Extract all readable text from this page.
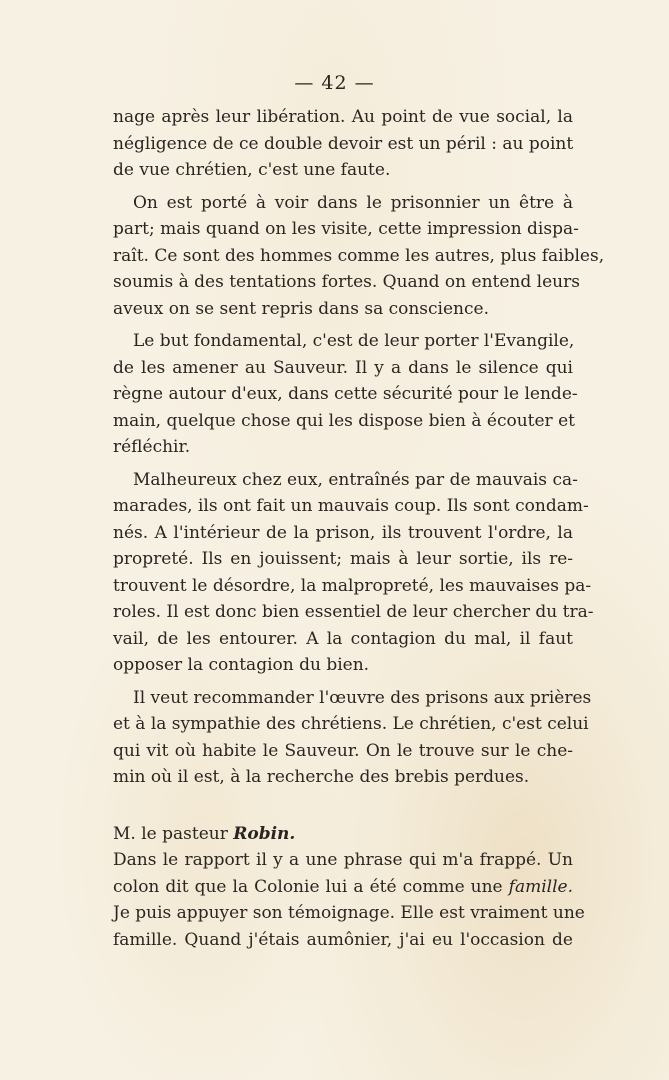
— 42 —
nage après leur libération. Au point de vue social, la
négligence de ce double devoir est un péril : au point
de vue chrétien, c'est une faute.
On est porté à voir dans le prisonnier un être à
part; mais quand on les visite, cette impression dispa-
raît. Ce sont des hommes comme les autres, plus faibles,
soumis à des tentations fortes. Quand on entend leurs
aveux on se sent repris dans sa conscience.
Le but fondamental, c'est de leur porter l'Evangile,
de les amener au Sauveur. Il y a dans le silence qui
règne autour d'eux, dans cette sécurité pour le lende-
main, quelque chose qui les dispose bien à écouter et
réfléchir.
Malheureux chez eux, entraînés par de mauvais ca-
marades, ils ont fait un mauvais coup. Ils sont condam-
nés. A l'intérieur de la prison, ils trouvent l'ordre, la
propreté. Ils en jouissent; mais à leur sortie, ils re-
trouvent le désordre, la malpropreté, les mauvaises pa-
roles. Il est donc bien essentiel de leur chercher du tra-
vail, de les entourer. A la contagion du mal, il faut
opposer la contagion du bien.
Il veut recommander l'œuvre des prisons aux prières
et à la sympathie des chrétiens. Le chrétien, c'est celui
qui vit où habite le Sauveur. On le trouve sur le che-
min où il est, à la recherche des brebis perdues.
M. le pasteur Robin.
Dans le rapport il y a une phrase qui m'a frappé. Un
colon dit que la Colonie lui a été comme une famille.
Je puis appuyer son témoignage. Elle est vraiment une
famille. Quand j'étais aumônier, j'ai eu l'occasion de
